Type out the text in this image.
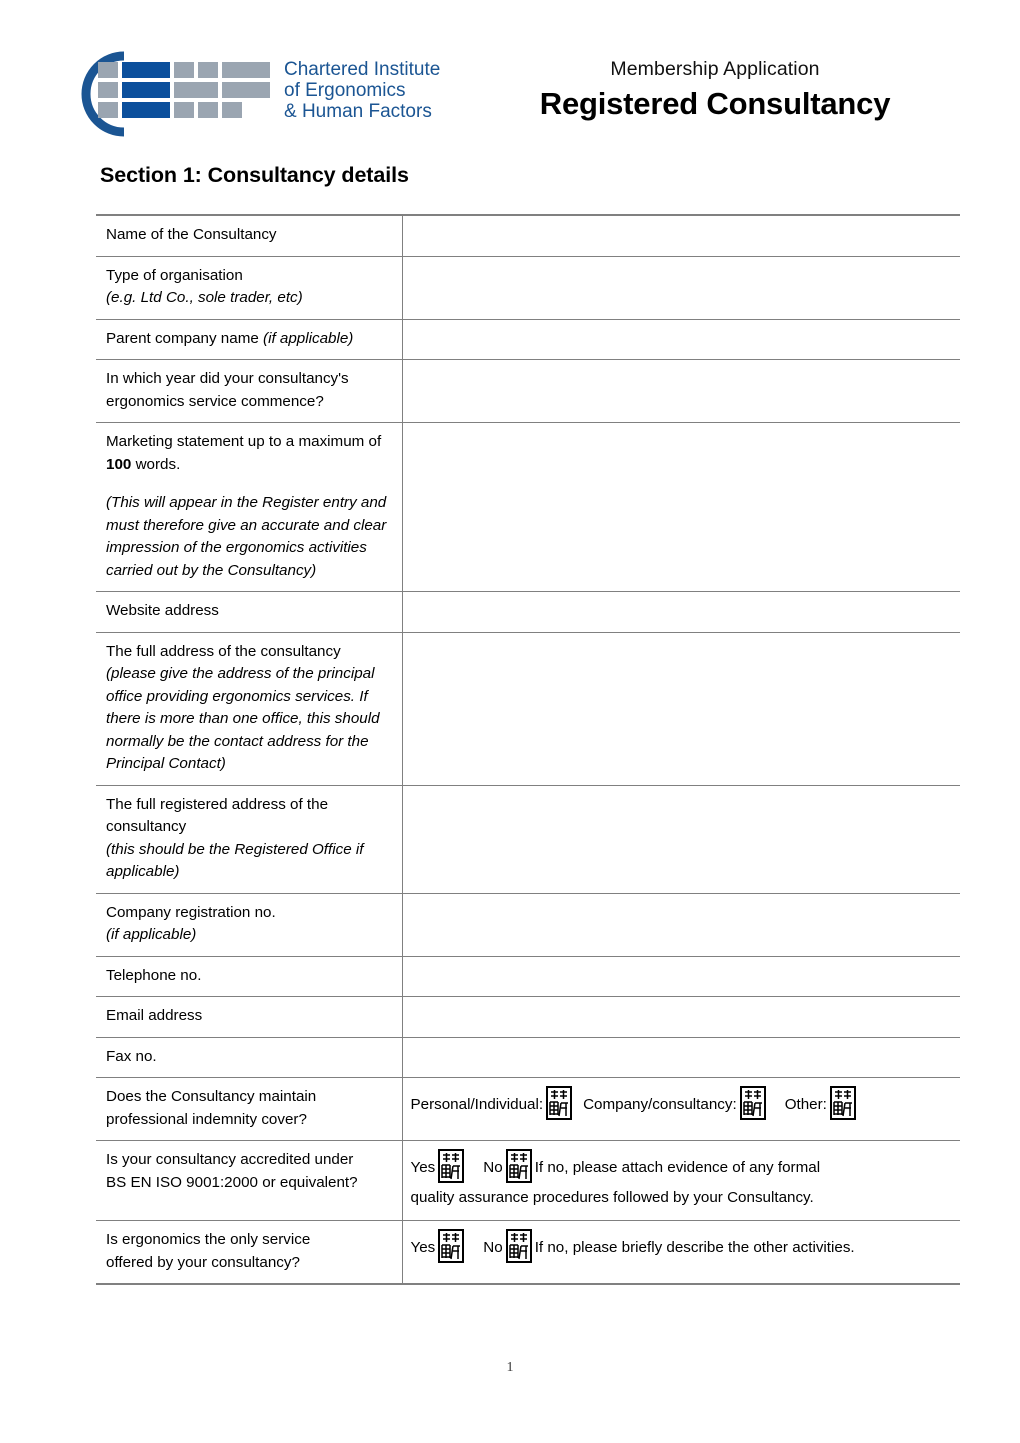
Chartered Institute
of Ergonomics
& Human Factors
Membership Application
Registered Consultancy
Section 1: Consultancy details
Name of the Consultancy	

Type of organisation
(e.g. Ltd Co., sole trader, etc)	

Parent company name (if applicable)	

In which year did your consultancy's
ergonomics service commence?	

Marketing statement up to a maximum of 100 words.
(This will appear in the Register entry and must therefore give an accurate and clear impression of the ergonomics activities carried out by the Consultancy)	

Website address	

The full address of the consultancy
(please give the address of the principal office providing ergonomics services. If there is more than one office, this should normally be the contact address for the Principal Contact)	

The full registered address of the
consultancy
(this should be the Registered Office if applicable)	

Company registration no.
(if applicable)	

Telephone no.	
Email address	
Fax no.	

Does the Consultancy maintain
professional indemnity cover?

Personal/Individual:	Company/consultancy:	Other:

Is your consultancy accredited under
BS EN ISO 9001:2000 or equivalent?

Yes	No If no, please attach evidence of any formal
quality assurance procedures followed by your Consultancy.

Is ergonomics the only service
offered by your consultancy?

Yes	No If no, please briefly describe the other activities.
1
